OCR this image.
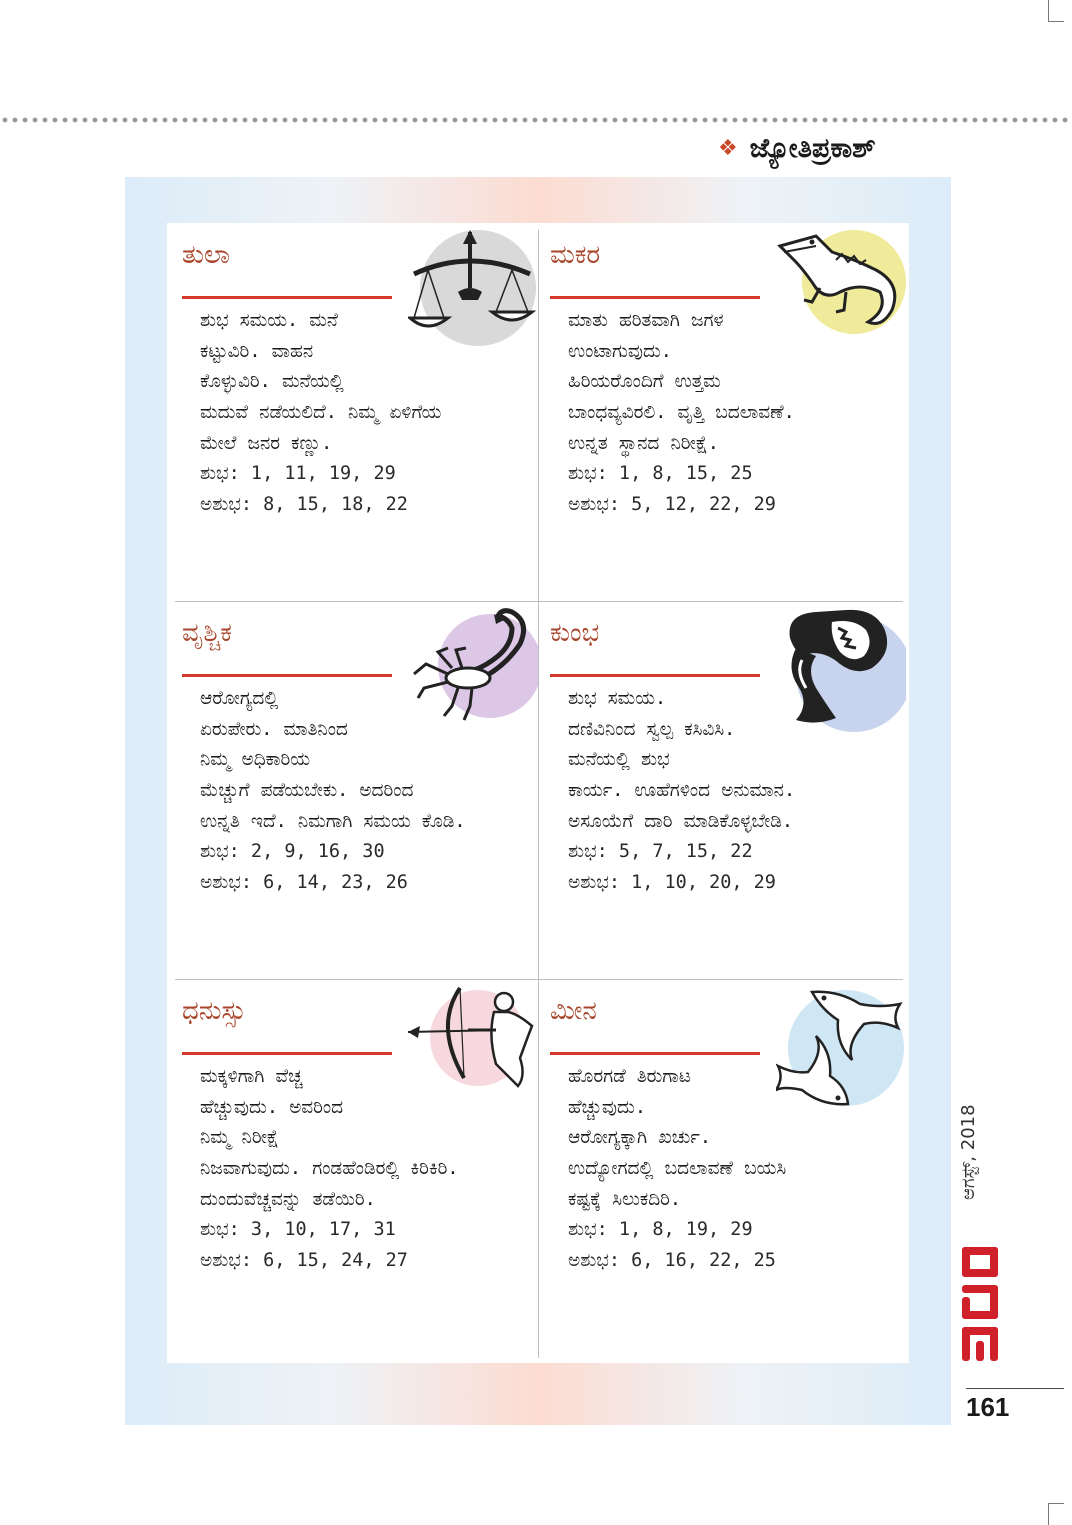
❖ ಜ್ಯೋತಿಪ್ರಕಾಶ್
ತುಲಾ
ಶುಭ ಸಮಯ. ಮನೆ
ಕಟ್ಟುವಿರಿ. ವಾಹನ
ಕೊಳ್ಳುವಿರಿ. ಮನೆಯಲ್ಲಿ
ಮದುವೆ ನಡೆಯಲಿದೆ. ನಿಮ್ಮ ಏಳಿಗೆಯ
ಮೇಲೆ ಜನರ ಕಣ್ಣು.
ಶುಭ: 1, 11, 19, 29
ಅಶುಭ: 8, 15, 18, 22
ಮಕರ
ಮಾತು ಹರಿತವಾಗಿ ಜಗಳ
ಉಂಟಾಗುವುದು.
ಹಿರಿಯರೊಂದಿಗೆ ಉತ್ತಮ
ಬಾಂಧವ್ಯವಿರಲಿ. ವೃತ್ತಿ ಬದಲಾವಣೆ.
ಉನ್ನತ ಸ್ಥಾನದ ನಿರೀಕ್ಷೆ.
ಶುಭ: 1, 8, 15, 25
ಅಶುಭ: 5, 12, 22, 29
ವೃಶ್ಚಿಕ
ಆರೋಗ್ಯದಲ್ಲಿ
ಏರುಪೇರು. ಮಾತಿನಿಂದ
ನಿಮ್ಮ ಅಧಿಕಾರಿಯ
ಮೆಚ್ಚುಗೆ ಪಡೆಯಬೇಕು. ಅದರಿಂದ
ಉನ್ನತಿ ಇದೆ. ನಿಮಗಾಗಿ ಸಮಯ ಕೊಡಿ.
ಶುಭ: 2, 9, 16, 30
ಅಶುಭ: 6, 14, 23, 26
ಕುಂಭ
ಶುಭ ಸಮಯ.
ದಣಿವಿನಿಂದ ಸ್ವಲ್ಪ ಕಸಿವಿಸಿ.
ಮನೆಯಲ್ಲಿ ಶುಭ
ಕಾರ್ಯ. ಊಹೆಗಳಿಂದ ಅನುಮಾನ.
ಅಸೂಯೆಗೆ ದಾರಿ ಮಾಡಿಕೊಳ್ಳಬೇಡಿ.
ಶುಭ: 5, 7, 15, 22
ಅಶುಭ: 1, 10, 20, 29
ಧನುಸ್ಸು
ಮಕ್ಕಳಿಗಾಗಿ ವೆಚ್ಚ
ಹೆಚ್ಚುವುದು. ಅವರಿಂದ
ನಿಮ್ಮ ನಿರೀಕ್ಷೆ
ನಿಜವಾಗುವುದು. ಗಂಡಹೆಂಡಿರಲ್ಲಿ ಕಿರಿಕಿರಿ.
ದುಂದುವೆಚ್ಚವನ್ನು ತಡೆಯಿರಿ.
ಶುಭ: 3, 10, 17, 31
ಅಶುಭ: 6, 15, 24, 27
ಮೀನ
ಹೊರಗಡೆ ತಿರುಗಾಟ
ಹೆಚ್ಚುವುದು.
ಆರೋಗ್ಯಕ್ಕಾಗಿ ಖರ್ಚು.
ಉದ್ಯೋಗದಲ್ಲಿ ಬದಲಾವಣೆ ಬಯಸಿ
ಕಷ್ಟಕ್ಕೆ ಸಿಲುಕದಿರಿ.
ಶುಭ: 1, 8, 19, 29
ಅಶುಭ: 6, 16, 22, 25
ಆಗಸ್ಟ್, 2018
161
